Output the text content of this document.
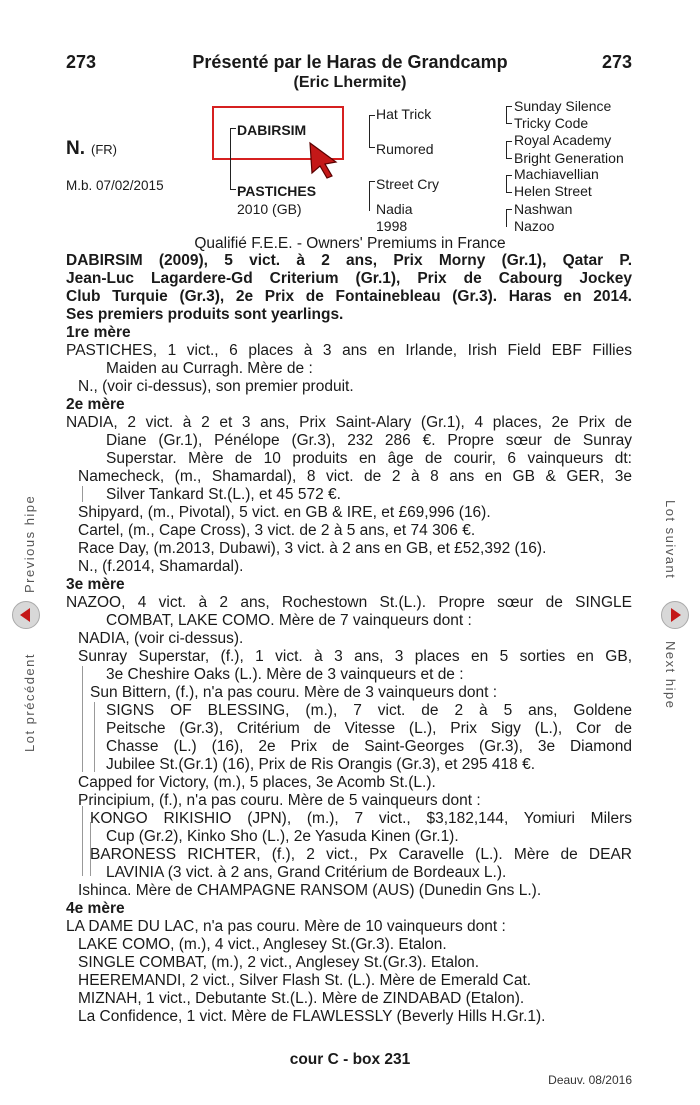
273	Présenté par le Haras de Grandcamp	273
(Eric Lhermite)
N. (FR)
M.b. 07/02/2015
DABIRSIM
PASTICHES
2010 (GB)
Hat Trick
Rumored
Street Cry
Nadia
1998
Sunday Silence
Tricky Code
Royal Academy
Bright Generation
Machiavellian
Helen Street
Nashwan
Nazoo
Qualifié F.E.E. - Owners' Premiums in France
DABIRSIM (2009), 5 vict. à 2 ans, Prix Morny (Gr.1), Qatar P.
Jean-Luc Lagardere-Gd Criterium (Gr.1), Prix de Cabourg Jockey
Club Turquie (Gr.3), 2e Prix de Fontainebleau (Gr.3). Haras en 2014.
Ses premiers produits sont yearlings.
1re mère
PASTICHES, 1 vict., 6 places à 3 ans en Irlande, Irish Field EBF Fillies
Maiden au Curragh. Mère de :
N., (voir ci-dessus), son premier produit.
2e mère
NADIA, 2 vict. à 2 et 3 ans, Prix Saint-Alary (Gr.1), 4 places, 2e Prix de
Diane (Gr.1), Pénélope (Gr.3), 232 286 €. Propre sœur de Sunray
Superstar. Mère de 10 produits en âge de courir, 6 vainqueurs dt:
Namecheck, (m., Shamardal), 8 vict. de 2 à 8 ans en GB & GER, 3e
Silver Tankard St.(L.), et 45 572 €.
Shipyard, (m., Pivotal), 5 vict. en GB & IRE, et £69,996 (16).
Cartel, (m., Cape Cross), 3 vict. de 2 à 5 ans, et 74 306 €.
Race Day, (m.2013, Dubawi), 3 vict. à 2 ans en GB, et £52,392 (16).
N., (f.2014, Shamardal).
3e mère
NAZOO, 4 vict. à 2 ans, Rochestown St.(L.). Propre sœur de SINGLE
COMBAT, LAKE COMO. Mère de 7 vainqueurs dont :
NADIA, (voir ci-dessus).
Sunray Superstar, (f.), 1 vict. à 3 ans, 3 places en 5 sorties en GB,
3e Cheshire Oaks (L.). Mère de 3 vainqueurs et de :
Sun Bittern, (f.), n'a pas couru. Mère de 3 vainqueurs dont :
SIGNS OF BLESSING, (m.), 7 vict. de 2 à 5 ans, Goldene
Peitsche (Gr.3), Critérium de Vitesse (L.), Prix Sigy (L.), Cor de
Chasse (L.) (16), 2e Prix de Saint-Georges (Gr.3), 3e Diamond
Jubilee St.(Gr.1) (16), Prix de Ris Orangis (Gr.3), et 295 418 €.
Capped for Victory, (m.), 5 places, 3e Acomb St.(L.).
Principium, (f.), n'a pas couru. Mère de 5 vainqueurs dont :
KONGO RIKISHIO (JPN), (m.), 7 vict., $3,182,144, Yomiuri Milers
Cup (Gr.2), Kinko Sho (L.), 2e Yasuda Kinen (Gr.1).
BARONESS RICHTER, (f.), 2 vict., Px Caravelle (L.). Mère de DEAR
LAVINIA (3 vict. à 2 ans, Grand Critérium de Bordeaux L.).
Ishinca. Mère de CHAMPAGNE RANSOM (AUS) (Dunedin Gns L.).
4e mère
LA DAME DU LAC, n'a pas couru. Mère de 10 vainqueurs dont :
LAKE COMO, (m.), 4 vict., Anglesey St.(Gr.3). Etalon.
SINGLE COMBAT, (m.), 2 vict., Anglesey St.(Gr.3). Etalon.
HEEREMANDI, 2 vict., Silver Flash St. (L.). Mère de Emerald Cat.
MIZNAH, 1 vict., Debutante St.(L.). Mère de ZINDABAD (Etalon).
La Confidence, 1 vict. Mère de FLAWLESSLY (Beverly Hills H.Gr.1).
cour C - box 231
Deauv. 08/2016
Previous hipe
Lot précédent
Lot suivant
Next hipe
